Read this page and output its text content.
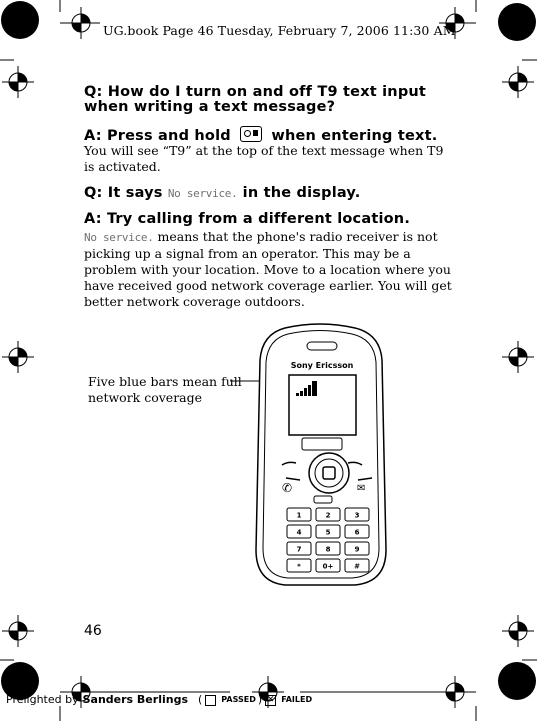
UG.book Page 46 Tuesday, February 7, 2006 11:30 AM
Q: How do I turn on and off T9 text input when writing a text message?
A: Press and hold	when entering text.
You will see “T9” at the top of the text message when T9 is activated.
Q: It says No service. in the display.
A: Try calling from a different location.
No service. means that the phone's radio receiver is not picking up a signal from an operator. This may be a problem with your location. Move to a location where you have received good network coverage earlier. You will get better network coverage outdoors.
Five blue bars mean full network coverage
Sony Ericsson
✆	✉
1	2	3
4	5	6
7	8	9
*	0+	#
46
Prelighted by Sanders Berlings ( PASSED ) ✕ FAILED
